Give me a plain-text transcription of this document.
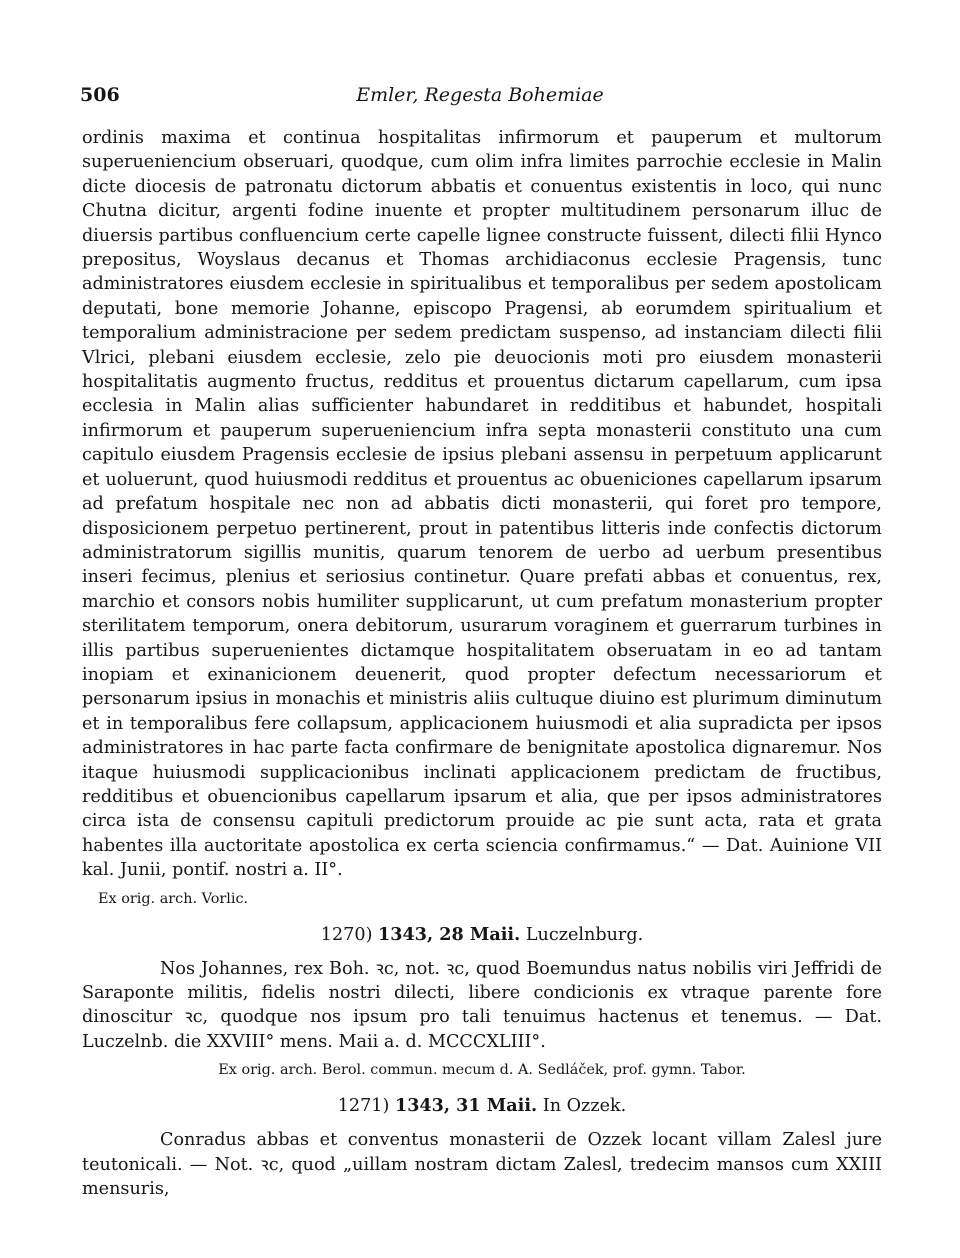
506	Emler, Regesta Bohemiae

ordinis maxima et continua hospitalitas infirmorum et pauperum et multorum superueniencium obseruari, quodque, cum olim infra limites parrochie ecclesie in Malin dicte diocesis de patronatu dictorum abbatis et conuentus existentis in loco, qui nunc Chutna dicitur, argenti fodine inuente et propter multitudinem personarum illuc de diuersis partibus confluencium certe capelle lignee constructe fuissent, dilecti filii Hynco prepositus, Woyslaus decanus et Thomas archidiaconus ecclesie Pragensis, tunc administratores eiusdem ecclesie in spiritualibus et temporalibus per sedem apostolicam deputati, bone memorie Johanne, episcopo Pragensi, ab eorumdem spiritualium et temporalium administracione per sedem predictam suspenso, ad instanciam dilecti filii Vlrici, plebani eiusdem ecclesie, zelo pie deuocionis moti pro eiusdem monasterii hospitalitatis augmento fructus, redditus et prouentus dictarum capellarum, cum ipsa ecclesia in Malin alias sufficienter habundaret in redditibus et habundet, hospitali infirmorum et pauperum superueniencium infra septa monasterii constituto una cum capitulo eiusdem Pragensis ecclesie de ipsius plebani assensu in perpetuum applicarunt et uoluerunt, quod huiusmodi redditus et prouentus ac obueniciones capellarum ipsarum ad prefatum hospitale nec non ad abbatis dicti monasterii, qui foret pro tempore, disposicionem perpetuo pertinerent, prout in patentibus litteris inde confectis dictorum administratorum sigillis munitis, quarum tenorem de uerbo ad uerbum presentibus inseri fecimus, plenius et seriosius continetur. Quare prefati abbas et conuentus, rex, marchio et consors nobis humiliter supplicarunt, ut cum prefatum monasterium propter sterilitatem temporum, onera debitorum, usurarum voraginem et guerrarum turbines in illis partibus superuenientes dictamque hospitalitatem obseruatam in eo ad tantam inopiam et exinanicionem deuenerit, quod propter defectum necessariorum et personarum ipsius in monachis et ministris aliis cultuque diuino est plurimum diminutum et in temporalibus fere collapsum, applicacionem huiusmodi et alia supradicta per ipsos administratores in hac parte facta confirmare de benignitate apostolica dignaremur. Nos itaque huiusmodi supplicacionibus inclinati applicacionem predictam de fructibus, redditibus et obuencionibus capellarum ipsarum et alia, que per ipsos administratores circa ista de consensu capituli predictorum prouide ac pie sunt acta, rata et grata habentes illa auctoritate apostolica ex certa sciencia confirmamus.“ — Dat. Auinione VII kal. Junii, pontif. nostri a. II°.

Ex orig. arch. Vorlic.
1270) 1343, 28 Maii. Luczelnburg.

Nos Johannes, rex Boh. ꝛc, not. ꝛc, quod Boemundus natus nobilis viri Jeffridi de Saraponte militis, fidelis nostri dilecti, libere condicionis ex vtraque parente fore dinoscitur ꝛc, quodque nos ipsum pro tali tenuimus hactenus et tenemus. — Dat. Luczelnb. die XXVIII° mens. Maii a. d. MCCCXLIII°.

Ex orig. arch. Berol. commun. mecum d. A. Sedláček, prof. gymn. Tabor.
1271) 1343, 31 Maii. In Ozzek.

Conradus abbas et conventus monasterii de Ozzek locant villam Zalesl jure teutonicali. — Not. ꝛc, quod „uillam nostram dictam Zalesl, tredecim mansos cum XXIII mensuris,
